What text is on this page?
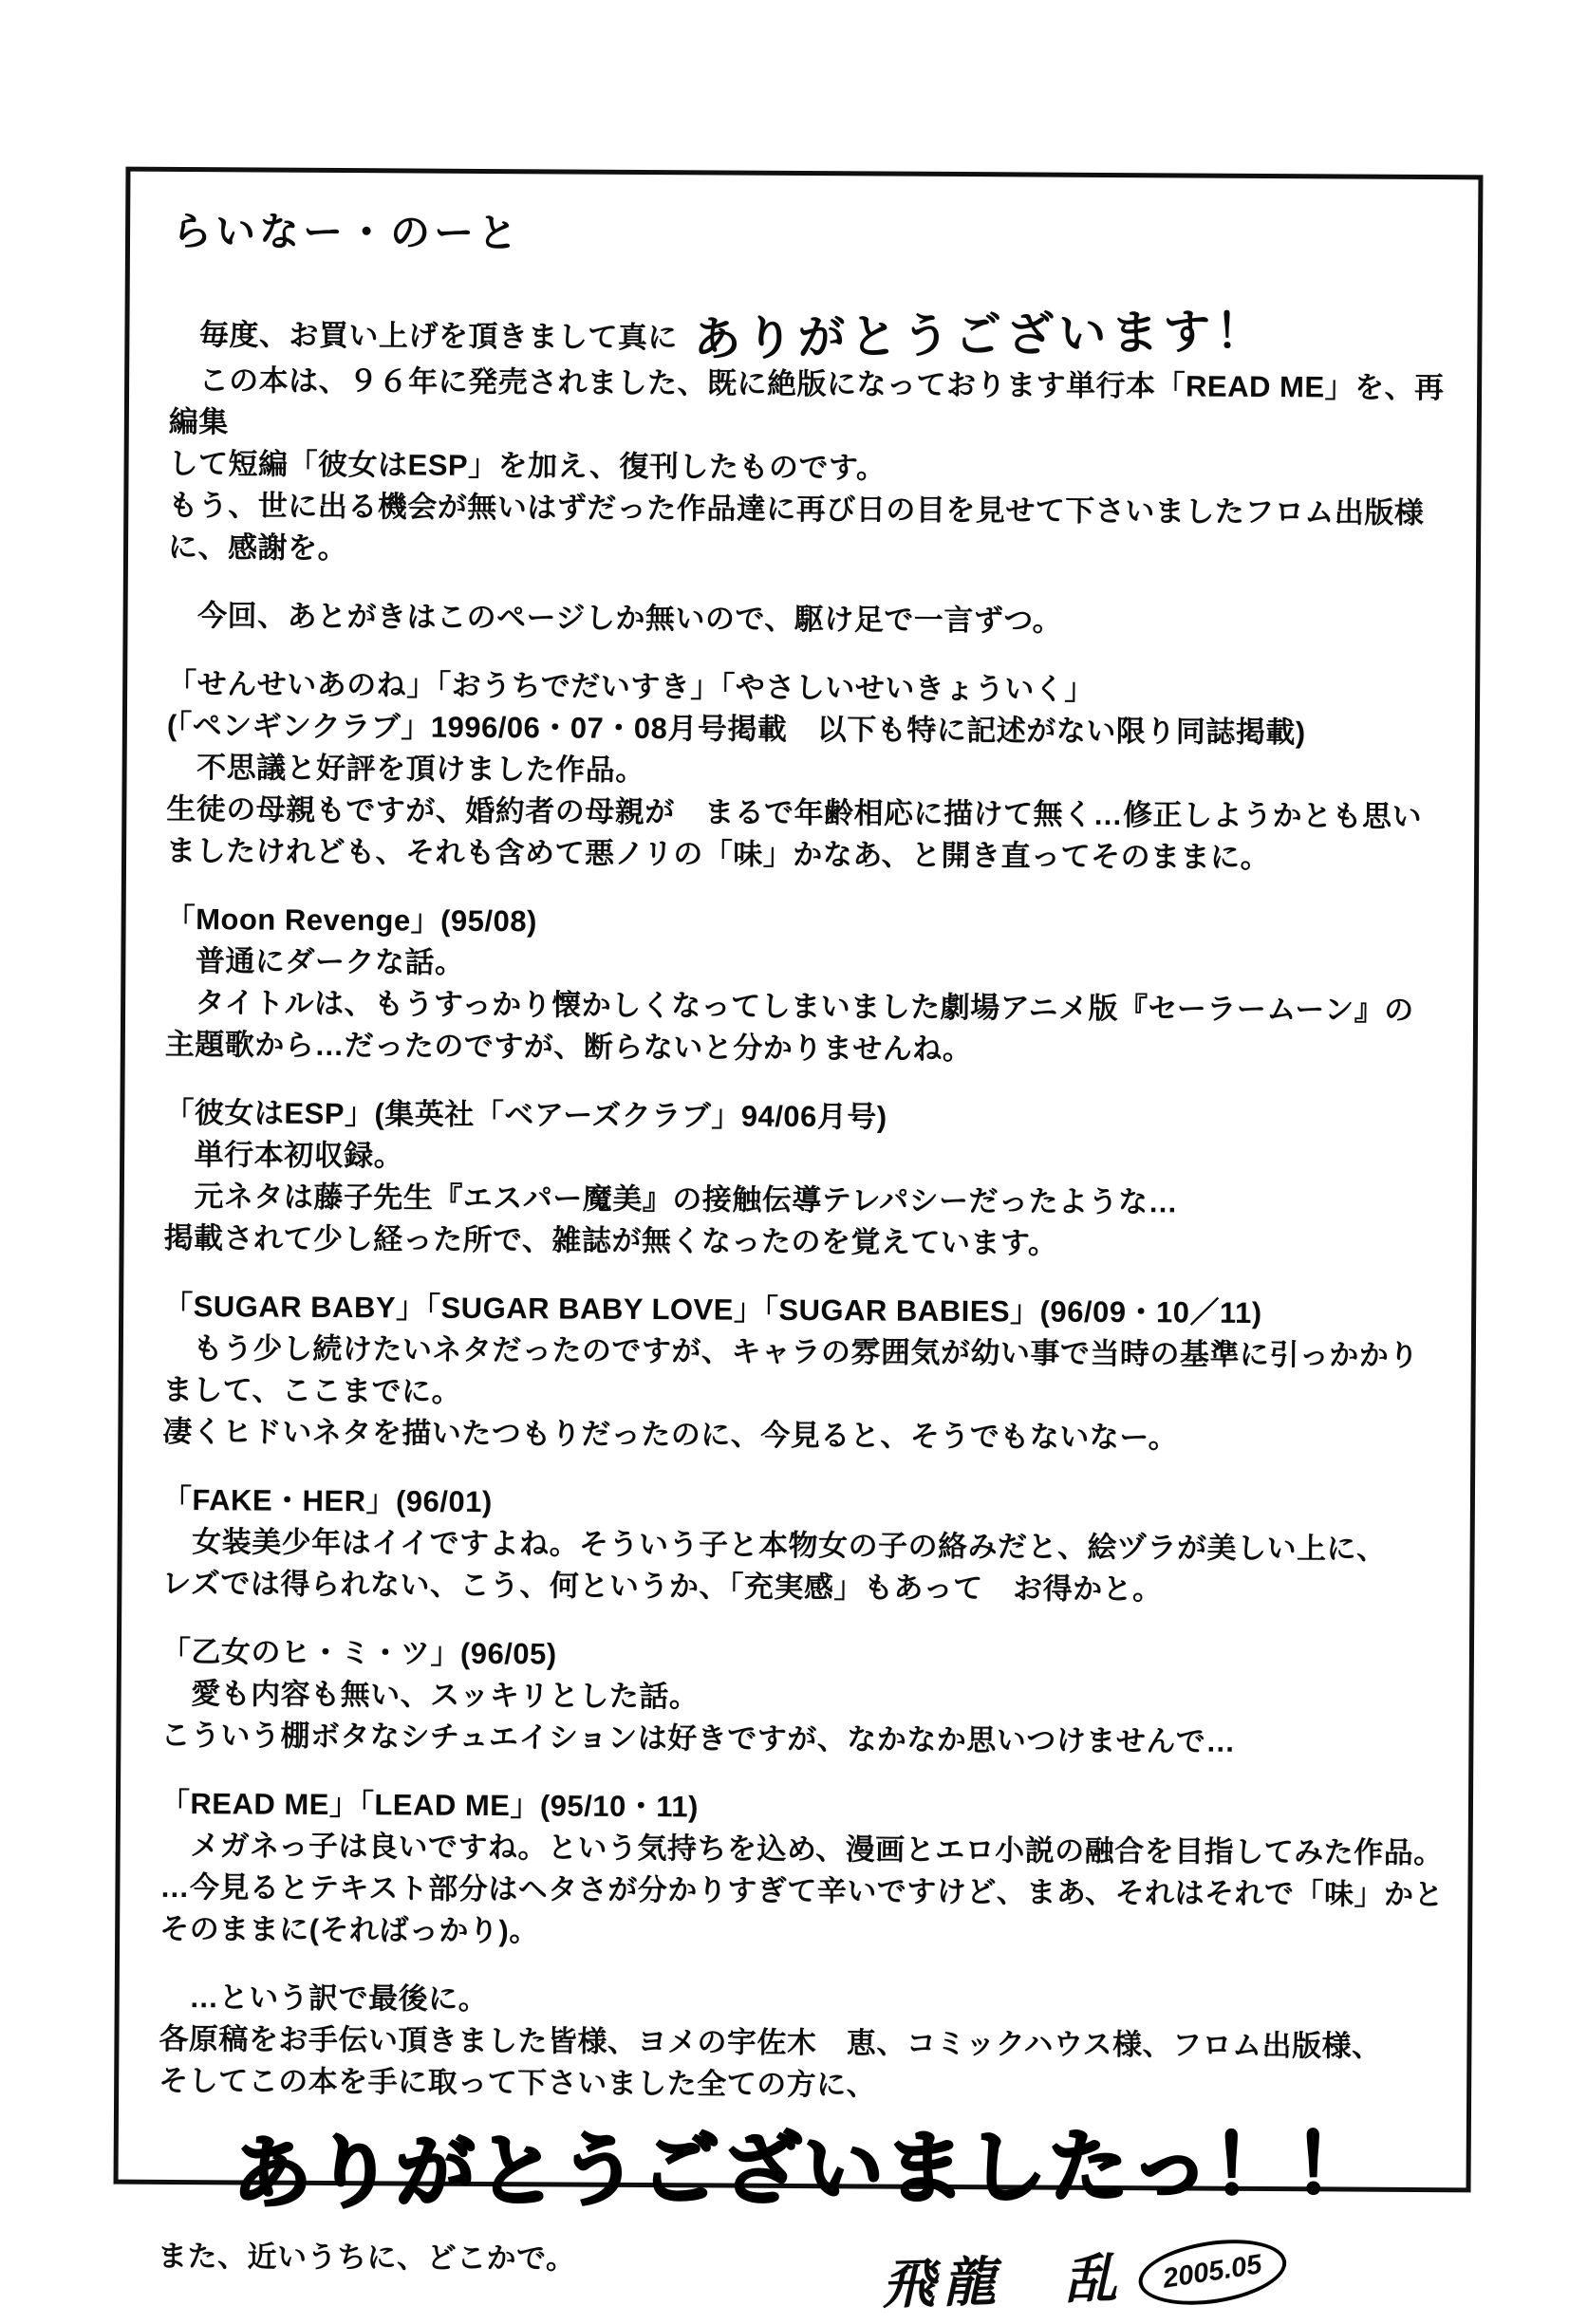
らいなー・のーと
　毎度、お買い上げを頂きまして真に ありがとうございます！
　この本は、９６年に発売されました、既に絶版になっております単行本「READ ME」を、再編集
して短編「彼女はESP」を加え、復刊したものです。
もう、世に出る機会が無いはずだった作品達に再び日の目を見せて下さいましたフロム出版様
に、感謝を。
　今回、あとがきはこのページしか無いので、駆け足で一言ずつ。
「せんせいあのね」「おうちでだいすき」「やさしいせいきょういく」
(「ペンギンクラブ」1996/06・07・08月号掲載　以下も特に記述がない限り同誌掲載)
　不思議と好評を頂けました作品。
生徒の母親もですが、婚約者の母親が　まるで年齢相応に描けて無く…修正しようかとも思い
ましたけれども、それも含めて悪ノリの「味」かなあ、と開き直ってそのままに。
「Moon Revenge」(95/08)
　普通にダークな話。
　タイトルは、もうすっかり懐かしくなってしまいました劇場アニメ版『セーラームーン』の
主題歌から…だったのですが、断らないと分かりませんね。
「彼女はESP」(集英社「ベアーズクラブ」94/06月号)
　単行本初収録。
　元ネタは藤子先生『エスパー魔美』の接触伝導テレパシーだったような…
掲載されて少し経った所で、雑誌が無くなったのを覚えています。
「SUGAR BABY」「SUGAR BABY LOVE」「SUGAR BABIES」(96/09・10／11)
　もう少し続けたいネタだったのですが、キャラの雰囲気が幼い事で当時の基準に引っかかり
まして、ここまでに。
凄くヒドいネタを描いたつもりだったのに、今見ると、そうでもないなー。
「FAKE・HER」(96/01)
　女装美少年はイイですよね。そういう子と本物女の子の絡みだと、絵ヅラが美しい上に、
レズでは得られない、こう、何というか、「充実感」もあって　お得かと。
「乙女のヒ・ミ・ツ」(96/05)
　愛も内容も無い、スッキリとした話。
こういう棚ボタなシチュエイションは好きですが、なかなか思いつけませんで…
「READ ME」「LEAD ME」(95/10・11)
　メガネっ子は良いですね。という気持ちを込め、漫画とエロ小説の融合を目指してみた作品。
…今見るとテキスト部分はヘタさが分かりすぎて辛いですけど、まあ、それはそれで「味」かと
そのままに(そればっかり)。
　…という訳で最後に。
各原稿をお手伝い頂きました皆様、ヨメの宇佐木　恵、コミックハウス様、フロム出版様、
そしてこの本を手に取って下さいました全ての方に、
ありがとうございましたっ！！
また、近いうちに、どこかで。	飛龍　乱	2005.05
